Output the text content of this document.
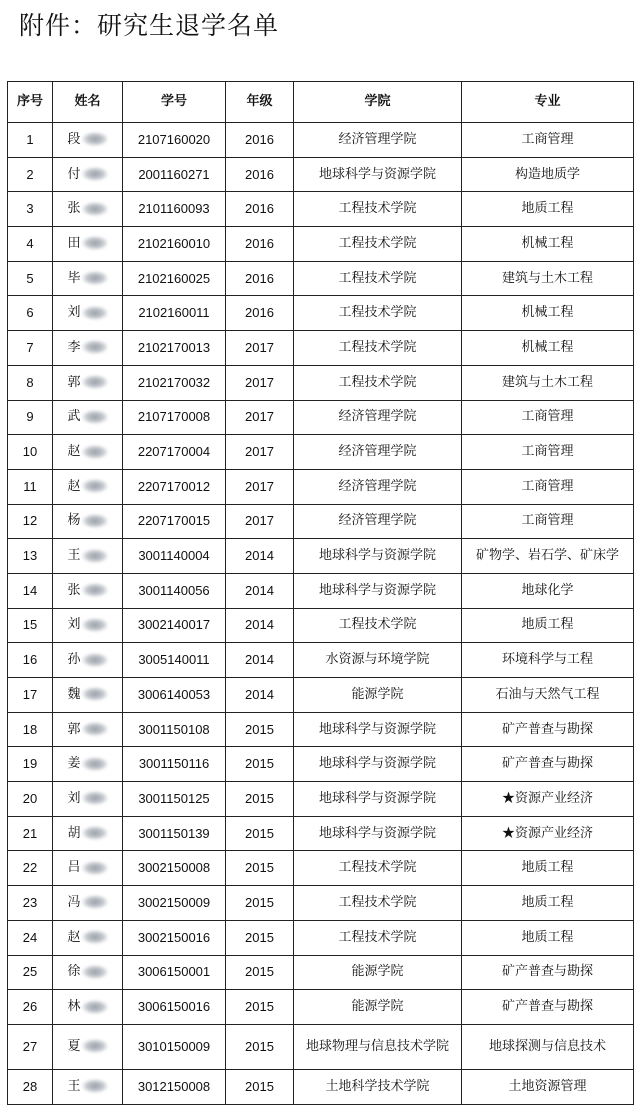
附件：研究生退学名单
序号	姓名	学号	年级	学院	专业
1	段	2107160020	2016	经济管理学院	工商管理
2	付	2001160271	2016	地球科学与资源学院	构造地质学
3	张	2101160093	2016	工程技术学院	地质工程
4	田	2102160010	2016	工程技术学院	机械工程
5	毕	2102160025	2016	工程技术学院	建筑与土木工程
6	刘	2102160011	2016	工程技术学院	机械工程
7	李	2102170013	2017	工程技术学院	机械工程
8	郭	2102170032	2017	工程技术学院	建筑与土木工程
9	武	2107170008	2017	经济管理学院	工商管理
10	赵	2207170004	2017	经济管理学院	工商管理
11	赵	2207170012	2017	经济管理学院	工商管理
12	杨	2207170015	2017	经济管理学院	工商管理
13	王	3001140004	2014	地球科学与资源学院	矿物学、岩石学、矿床学
14	张	3001140056	2014	地球科学与资源学院	地球化学
15	刘	3002140017	2014	工程技术学院	地质工程
16	孙	3005140011	2014	水资源与环境学院	环境科学与工程
17	魏	3006140053	2014	能源学院	石油与天然气工程
18	郭	3001150108	2015	地球科学与资源学院	矿产普查与勘探
19	姜	3001150116	2015	地球科学与资源学院	矿产普查与勘探
20	刘	3001150125	2015	地球科学与资源学院	★资源产业经济
21	胡	3001150139	2015	地球科学与资源学院	★资源产业经济
22	吕	3002150008	2015	工程技术学院	地质工程
23	冯	3002150009	2015	工程技术学院	地质工程
24	赵	3002150016	2015	工程技术学院	地质工程
25	徐	3006150001	2015	能源学院	矿产普查与勘探
26	林	3006150016	2015	能源学院	矿产普查与勘探
27	夏	3010150009	2015	地球物理与信息技术学院	地球探测与信息技术
28	王	3012150008	2015	土地科学技术学院	土地资源管理
